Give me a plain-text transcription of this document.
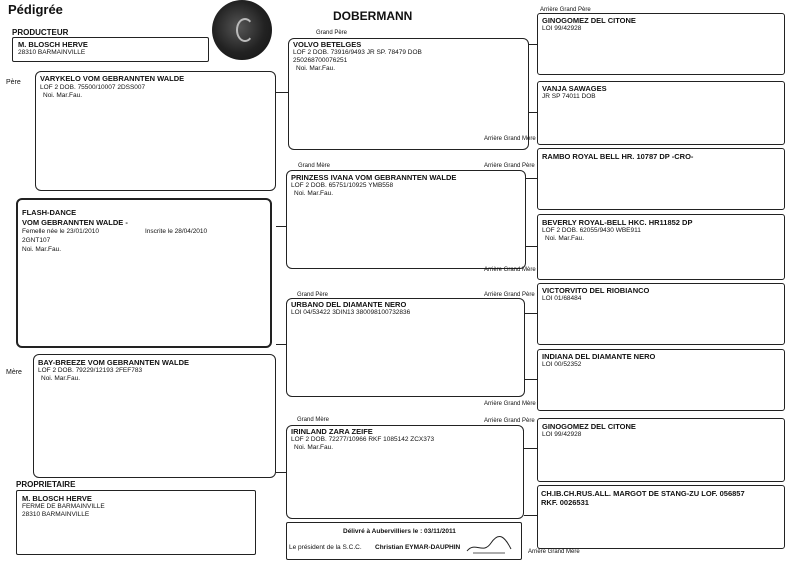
Pédigrée	DOBERMANN
PRODUCTEUR
M. BLOSCH HERVE
28310 BARMAINVILLE
Père	VARYKELO VOM GEBRANNTEN WALDE
LOF 2 DOB. 75500/10007 2DSS007
Noi. Mar.Fau.
FLASH-DANCE
VOM GEBRANNTEN WALDE -
Femelle née le 23/01/2010	Inscrite le 28/04/2010
2GNT107
Noi. Mar.Fau.
Mère
BAY-BREEZE VOM GEBRANNTEN WALDE
LOF 2 DOB. 79229/12193 2FEF783
Noi. Mar.Fau.
PROPRIETAIRE
M. BLOSCH HERVE
FERME DE BARMAINVILLE
28310 BARMAINVILLE
Grand Père
VOLVO BETELGES
LOF 2 DOB. 73916/9493 JR SP. 78479 DOB
250268700076251
Noi. Mar.Fau.
Grand Mère
PRINZESS IVANA VOM GEBRANNTEN WALDE
LOF 2 DOB. 65751/10925 YMB558
Noi. Mar.Fau.
Grand Père
URBANO DEL DIAMANTE NERO
LOI 04/53422 3DIN13 380098100732836
Grand Mère
IRINLAND ZARA ZEIFE
LOF 2 DOB. 72277/10966 RKF 1085142 ZCX373
Noi. Mar.Fau.
Arrière Grand Père
GINOGOMEZ DEL CITONE
LOI 99/42928
VANJA SAWAGES
JR SP 74011 DOB
Arrière Grand Mère
RAMBO ROYAL BELL HR. 10787 DP -CRO-
Arrière Grand Père
BEVERLY ROYAL-BELL HKC. HR11852 DP
LOF 2 DOB. 62055/9430 WBE911
Noi. Mar.Fau.
Arrière Grand Mère
VICTORVITO DEL RIOBIANCO
LOI 01/68484
Arrière Grand Père
INDIANA DEL DIAMANTE NERO
LOI 00/52352
Arrière Grand Mère
GINOGOMEZ DEL CITONE
LOI 99/42928
Arrière Grand Père
CH.IB.CH.RUS.ALL. MARGOT DE STANG-ZU LOF. 056857
RKF. 0026531
Arrière Grand Mère
Délivré à Aubervilliers le : 03/11/2011
Le président de la S.C.C. Christian EYMAR-DAUPHIN
